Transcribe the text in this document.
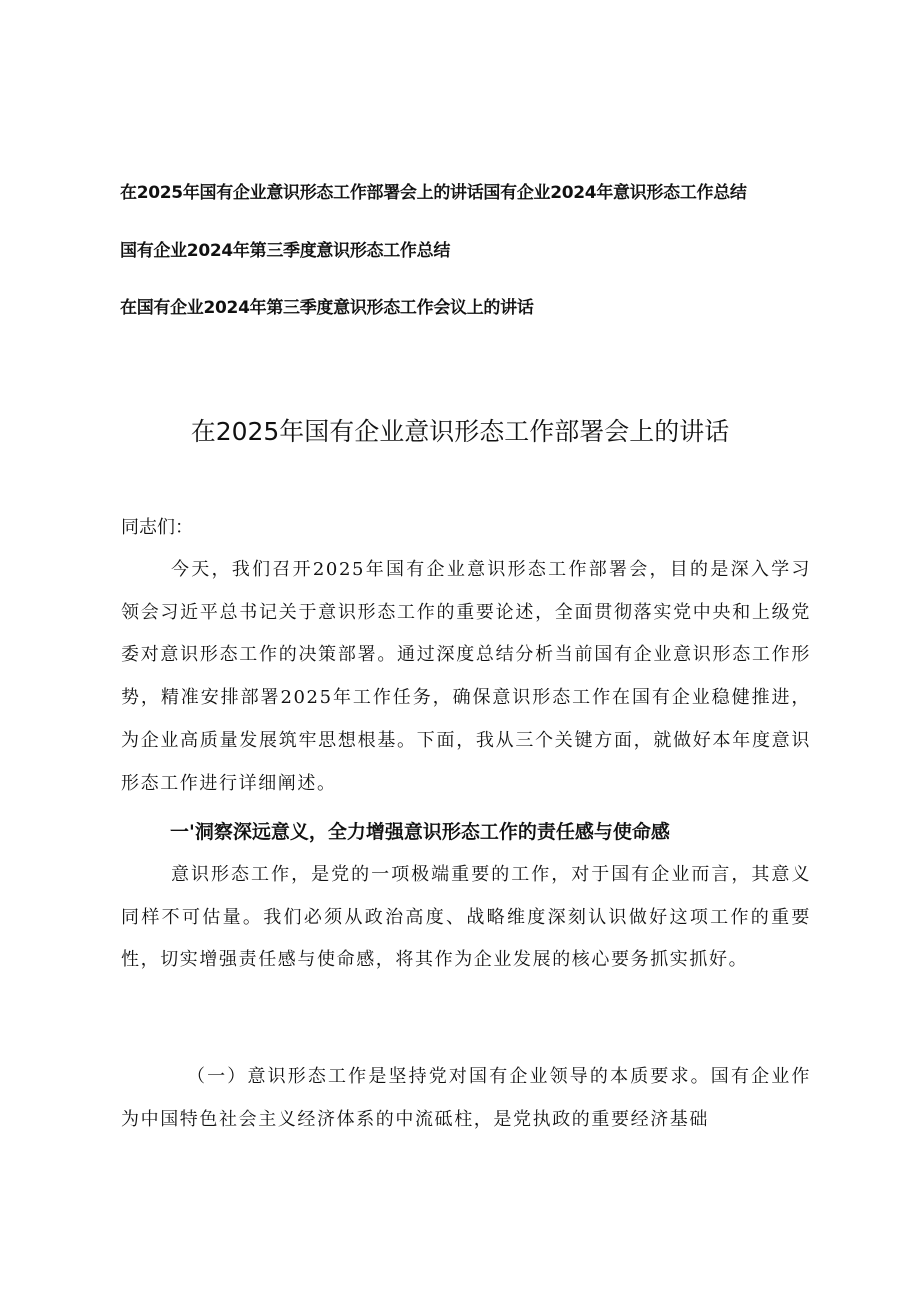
在2025年国有企业意识形态工作部署会上的讲话国有企业2024年意识形态工作总结
国有企业2024年第三季度意识形态工作总结
在国有企业2024年第三季度意识形态工作会议上的讲话
在2025年国有企业意识形态工作部署会上的讲话
同志们：
今天，我们召开2025年国有企业意识形态工作部署会，目的是深入学习领会习近平总书记关于意识形态工作的重要论述，全面贯彻落实党中央和上级党委对意识形态工作的决策部署。通过深度总结分析当前国有企业意识形态工作形势，精准安排部署2025年工作任务，确保意识形态工作在国有企业稳健推进，为企业高质量发展筑牢思想根基。下面，我从三个关键方面，就做好本年度意识形态工作进行详细阐述。
一'洞察深远意义，全力增强意识形态工作的责任感与使命感
意识形态工作，是党的一项极端重要的工作，对于国有企业而言，其意义同样不可估量。我们必须从政治高度、战略维度深刻认识做好这项工作的重要性，切实增强责任感与使命感，将其作为企业发展的核心要务抓实抓好。
（一）意识形态工作是坚持党对国有企业领导的本质要求。国有企业作为中国特色社会主义经济体系的中流砥柱，是党执政的重要经济基础
